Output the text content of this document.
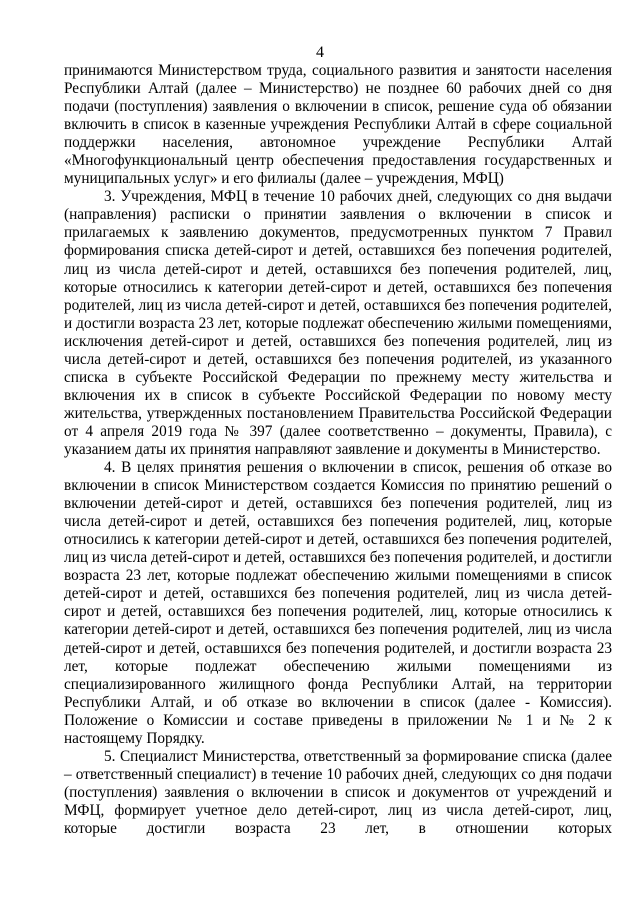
4

принимаются Министерством труда, социального развития и занятости населения Республики Алтай (далее – Министерство) не позднее 60 рабочих дней со дня подачи (поступления) заявления о включении в список, решение суда об обязании включить в список в казенные учреждения Республики Алтай в сфере социальной поддержки населения, автономное учреждение Республики Алтай «Многофункциональный центр обеспечения предоставления государственных и муниципальных услуг» и его филиалы (далее – учреждения, МФЦ)

3. Учреждения, МФЦ в течение 10 рабочих дней, следующих со дня выдачи (направления) расписки о принятии заявления о включении в список и прилагаемых к заявлению документов, предусмотренных пунктом 7 Правил формирования списка детей-сирот и детей, оставшихся без попечения родителей, лиц из числа детей-сирот и детей, оставшихся без попечения родителей, лиц, которые относились к категории детей-сирот и детей, оставшихся без попечения родителей, лиц из числа детей-сирот и детей, оставшихся без попечения родителей, и достигли возраста 23 лет, которые подлежат обеспечению жилыми помещениями, исключения детей-сирот и детей, оставшихся без попечения родителей, лиц из числа детей-сирот и детей, оставшихся без попечения родителей, из указанного списка в субъекте Российской Федерации по прежнему месту жительства и включения их в список в субъекте Российской Федерации по новому месту жительства, утвержденных постановлением Правительства Российской Федерации от 4 апреля 2019 года № 397 (далее соответственно – документы, Правила), с указанием даты их принятия направляют заявление и документы в Министерство.

4. В целях принятия решения о включении в список, решения об отказе во включении в список Министерством создается Комиссия по принятию решений о включении детей-сирот и детей, оставшихся без попечения родителей, лиц из числа детей-сирот и детей, оставшихся без попечения родителей, лиц, которые относились к категории детей-сирот и детей, оставшихся без попечения родителей, лиц из числа детей-сирот и детей, оставшихся без попечения родителей, и достигли возраста 23 лет, которые подлежат обеспечению жилыми помещениями в список детей-сирот и детей, оставшихся без попечения родителей, лиц из числа детей-сирот и детей, оставшихся без попечения родителей, лиц, которые относились к категории детей-сирот и детей, оставшихся без попечения родителей, лиц из числа детей-сирот и детей, оставшихся без попечения родителей, и достигли возраста 23 лет, которые подлежат обеспечению жилыми помещениями из специализированного жилищного фонда Республики Алтай, на территории Республики Алтай, и об отказе во включении в список (далее - Комиссия). Положение о Комиссии и составе приведены в приложении № 1 и № 2 к настоящему Порядку.

5. Специалист Министерства, ответственный за формирование списка (далее – ответственный специалист) в течение 10 рабочих дней, следующих со дня подачи (поступления) заявления о включении в список и документов от учреждений и МФЦ, формирует учетное дело детей-сирот, лиц из числа детей-сирот, лиц, которые достигли возраста 23 лет, в отношении которых
